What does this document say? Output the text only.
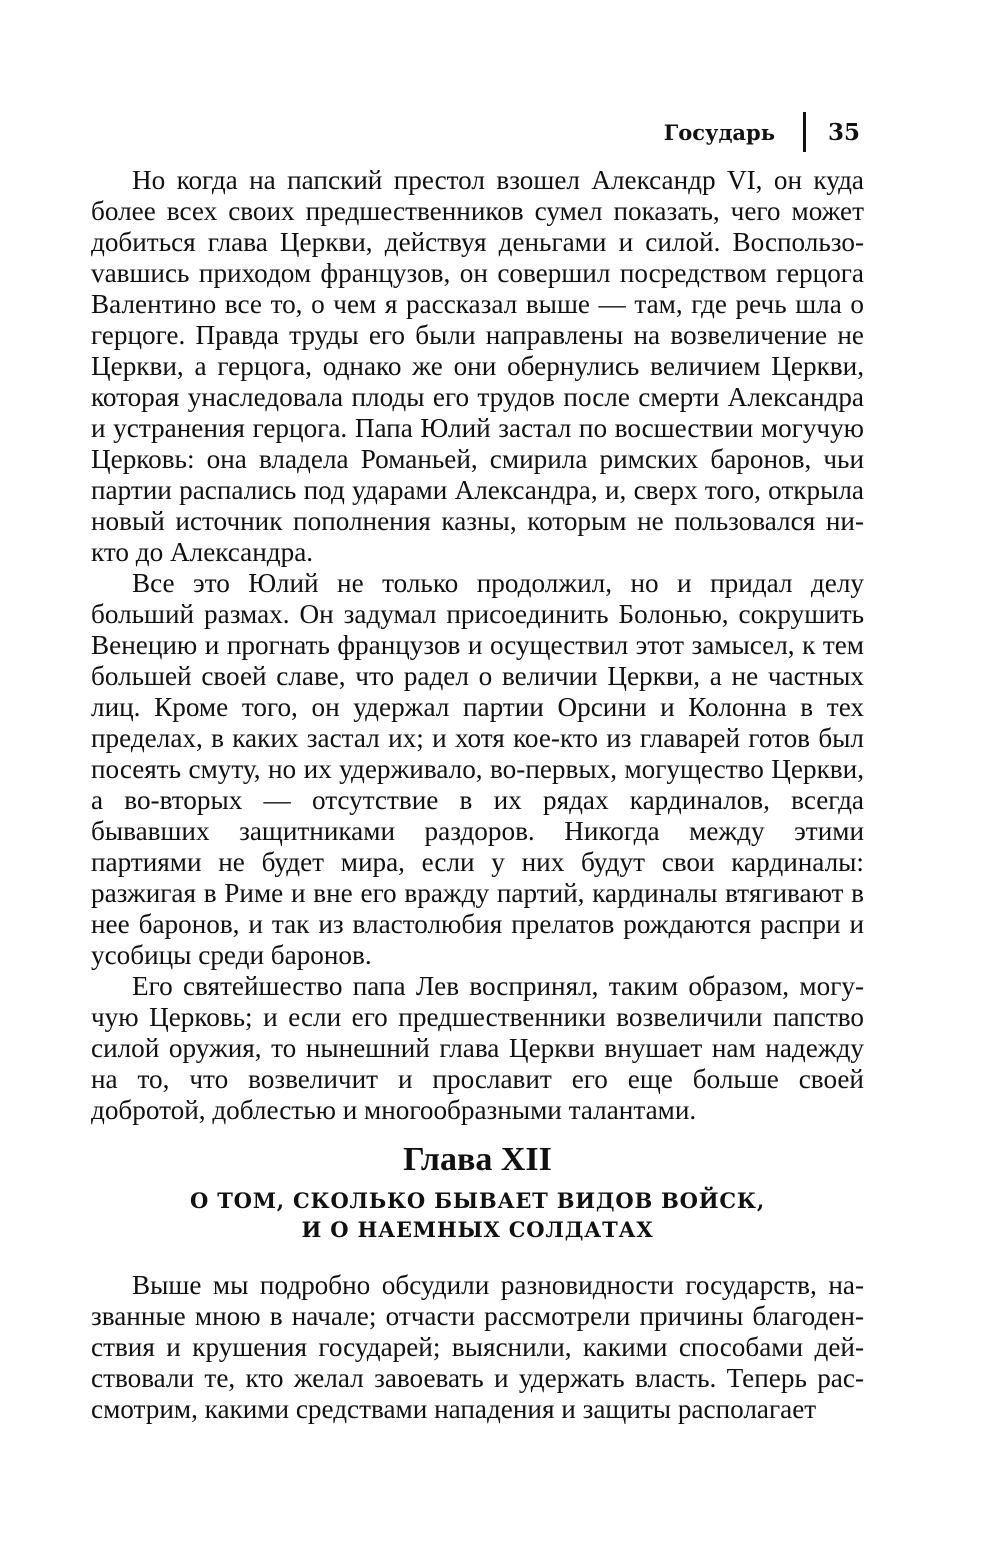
Государь 35

Но когда на папский престол взошел Александр VI, он куда более всех своих предшественников сумел показать, чего может добиться глава Церкви, действуя деньгами и силой. Воспользоvавшись приходом французов, он совершил посредством герцога Валентино все то, о чем я рассказал выше — там, где речь шла о герцоге. Правда труды его были направлены на возвеличение не Церкви, а герцога, однако же они обернулись величием Церкви, которая унаследовала плоды его трудов после смерти Александра и устранения герцога. Папа Юлий застал по восшествии могучую Церковь: она владела Романьей, смирила римских баронов, чьи партии распались под ударами Александра, и, сверх того, открыла новый источник пополнения казны, которым не пользовался никто до Александра.

Все это Юлий не только продолжил, но и придал делу больший размах. Он задумал присоединить Болонью, сокрушить Венецию и прогнать французов и осуществил этот замысел, к тем большей своей славе, что радел о величии Церкви, а не частных лиц. Кроме того, он удержал партии Орсини и Колонна в тех пределах, в каких застал их; и хотя кое-кто из главарей готов был посеять смуту, но их удерживало, во-первых, могущество Церкви, а во-вторых — отсутствие в их рядах кардиналов, всегда бывавших защитниками раздоров. Никогда между этими партиями не будет мира, если у них будут свои кардиналы: разжигая в Риме и вне его вражду партий, кардиналы втягивают в нее баронов, и так из властолюбия прелатов рождаются распри и усобицы среди баронов.

Его святейшество папа Лев воспринял, таким образом, могучую Церковь; и если его предшественники возвеличили папство силой оружия, то нынешний глава Церкви внушает нам надежду на то, что возвеличит и прославит его еще больше своей добротой, доблестью и многообразными талантами.

Глава XII
О ТОМ, СКОЛЬКО БЫВАЕТ ВИДОВ ВОЙСК,
И О НАЕМНЫХ СОЛДАТАХ

Выше мы подробно обсудили разновидности государств, названные мною в начале; отчасти рассмотрели причины благоденствия и крушения государей; выяснили, какими способами действовали те, кто желал завоевать и удержать власть. Теперь рассмотрим, какими средствами нападения и защиты располагает
